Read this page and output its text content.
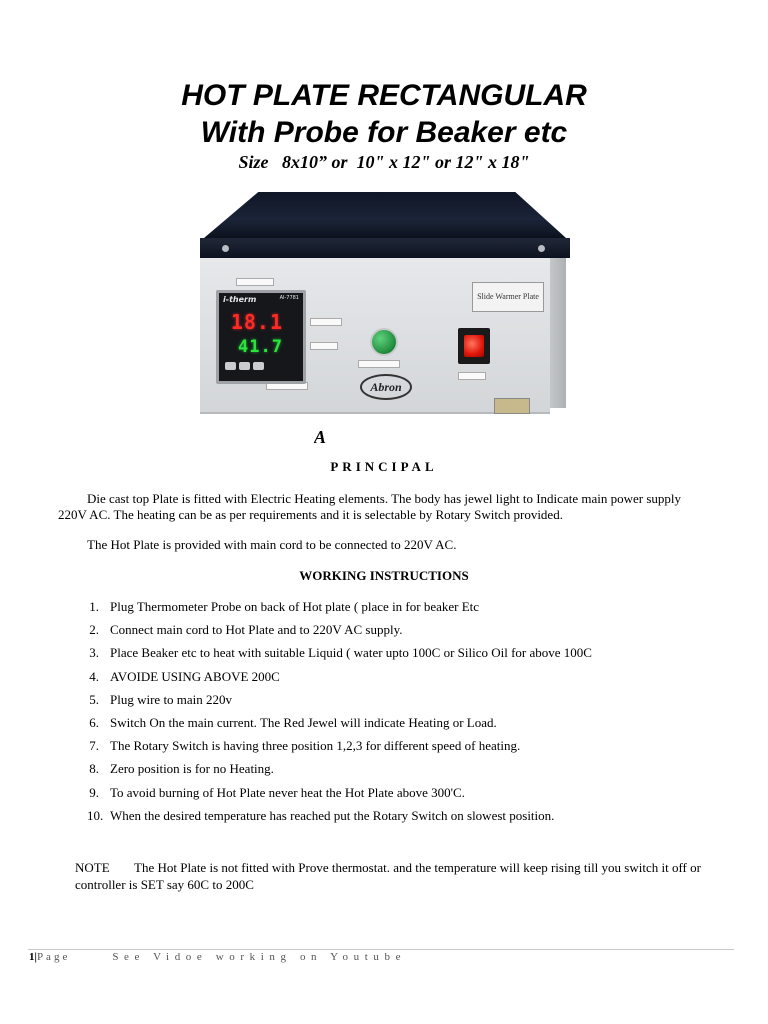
HOT PLATE RECTANGULAR
With Probe for Beaker etc

Size   8x10” or  10" x 12" or 12" x 18"

i-therm	AI-7781
18.1
41.7
Slide Warmer Plate
Abron
A
PRINCIPAL

Die cast top Plate is fitted with Electric Heating elements. The body has jewel light to Indicate main power supply 220V AC. The heating can be as per requirements and it is selectable by Rotary Switch provided.

The Hot Plate is provided with main cord to be connected to 220V AC.

WORKING INSTRUCTIONS
1. Plug Thermometer Probe on back of Hot plate ( place in for beaker Etc
2. Connect main cord to Hot Plate and to 220V AC supply.
3. Place Beaker etc to heat with suitable Liquid ( water upto 100C or Silico Oil for above 100C
4. AVOIDE USING ABOVE 200C
5. Plug wire to main 220v
6. Switch On the main current. The Red Jewel will indicate Heating or Load.
7. The Rotary Switch is having three position 1,2,3 for different speed of heating.
8. Zero position is for no Heating.
9. To avoid burning of Hot Plate never heat the Hot Plate above 300'C.
10. When the desired temperature has reached put the Rotary Switch on slowest position.

NOTE The Hot Plate is not fitted with Prove thermostat. and the temperature will keep rising till you switch it off or controller is SET say 60C to 200C

1|Page	See Vidoe working on Youtube
